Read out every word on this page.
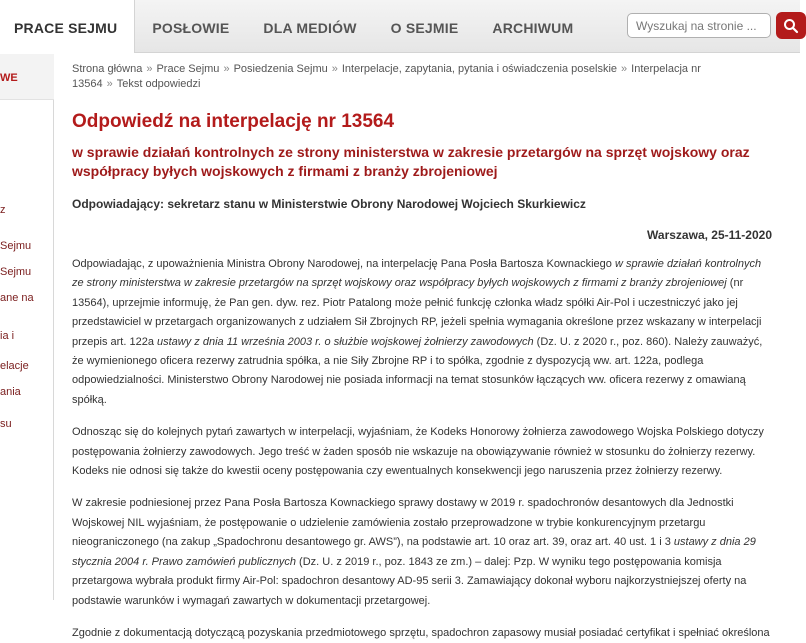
PRACE SEJMU	POSŁOWIE	DLA MEDIÓW	O SEJMIE	ARCHIWUM
Wyszukaj na stronie ...
WE
z
Sejmu
Sejmu
ane na
ia i
elacje
ania
su
Strona główna » Prace Sejmu » Posiedzenia Sejmu » Interpelacje, zapytania, pytania i oświadczenia poselskie » Interpelacja nr 13564 » Tekst odpowiedzi
Odpowiedź na interpelację nr 13564
w sprawie działań kontrolnych ze strony ministerstwa w zakresie przetargów na sprzęt wojskowy oraz współpracy byłych wojskowych z firmami z branży zbrojeniowej
Odpowiadający: sekretarz stanu w Ministerstwie Obrony Narodowej Wojciech Skurkiewicz
Warszawa, 25-11-2020

Odpowiadając, z upoważnienia Ministra Obrony Narodowej, na interpelację Pana Posła Bartosza Kownackiego w sprawie działań kontrolnych ze strony ministerstwa w zakresie przetargów na sprzęt wojskowy oraz współpracy byłych wojskowych z firmami z branży zbrojeniowej (nr 13564), uprzejmie informuję, że Pan gen. dyw. rez. Piotr Patalong może pełnić funkcję członka władz spółki Air-Pol i uczestniczyć jako jej przedstawiciel w przetargach organizowanych z udziałem Sił Zbrojnych RP, jeżeli spełnia wymagania określone przez wskazany w interpelacji przepis art. 122a ustawy z dnia 11 września 2003 r. o służbie wojskowej żołnierzy zawodowych (Dz. U. z 2020 r., poz. 860). Należy zauważyć, że wymienionego oficera rezerwy zatrudnia spółka, a nie Siły Zbrojne RP i to spółka, zgodnie z dyspozycją ww. art. 122a, podlega odpowiedzialności. Ministerstwo Obrony Narodowej nie posiada informacji na temat stosunków łączących ww. oficera rezerwy z omawianą spółką.

Odnosząc się do kolejnych pytań zawartych w interpelacji, wyjaśniam, że Kodeks Honorowy żołnierza zawodowego Wojska Polskiego dotyczy postępowania żołnierzy zawodowych. Jego treść w żaden sposób nie wskazuje na obowiązywanie również w stosunku do żołnierzy rezerwy. Kodeks nie odnosi się także do kwestii oceny postępowania czy ewentualnych konsekwencji jego naruszenia przez żołnierzy rezerwy.

W zakresie podniesionej przez Pana Posła Bartosza Kownackiego sprawy dostawy w 2019 r. spadochronów desantowych dla Jednostki Wojskowej NIL wyjaśniam, że postępowanie o udzielenie zamówienia zostało przeprowadzone w trybie konkurencyjnym przetargu nieograniczonego (na zakup „Spadochronu desantowego gr. AWS”), na podstawie art. 10 oraz art. 39, oraz art. 40 ust. 1 i 3 ustawy z dnia 29 stycznia 2004 r. Prawo zamówień publicznych (Dz. U. z 2019 r., poz. 1843 ze zm.) – dalej: Pzp. W wyniku tego postępowania komisja przetargowa wybrała produkt firmy Air-Pol: spadochron desantowy AD-95 serii 3. Zamawiający dokonał wyboru najkorzystniejszej oferty na podstawie warunków i wymagań zawartych w dokumentacji przetargowej.

Zgodnie z dokumentacją dotyczącą pozyskania przedmiotowego sprzętu, spadochron zapasowy musiał posiadać certyfikat i spełniać określona
